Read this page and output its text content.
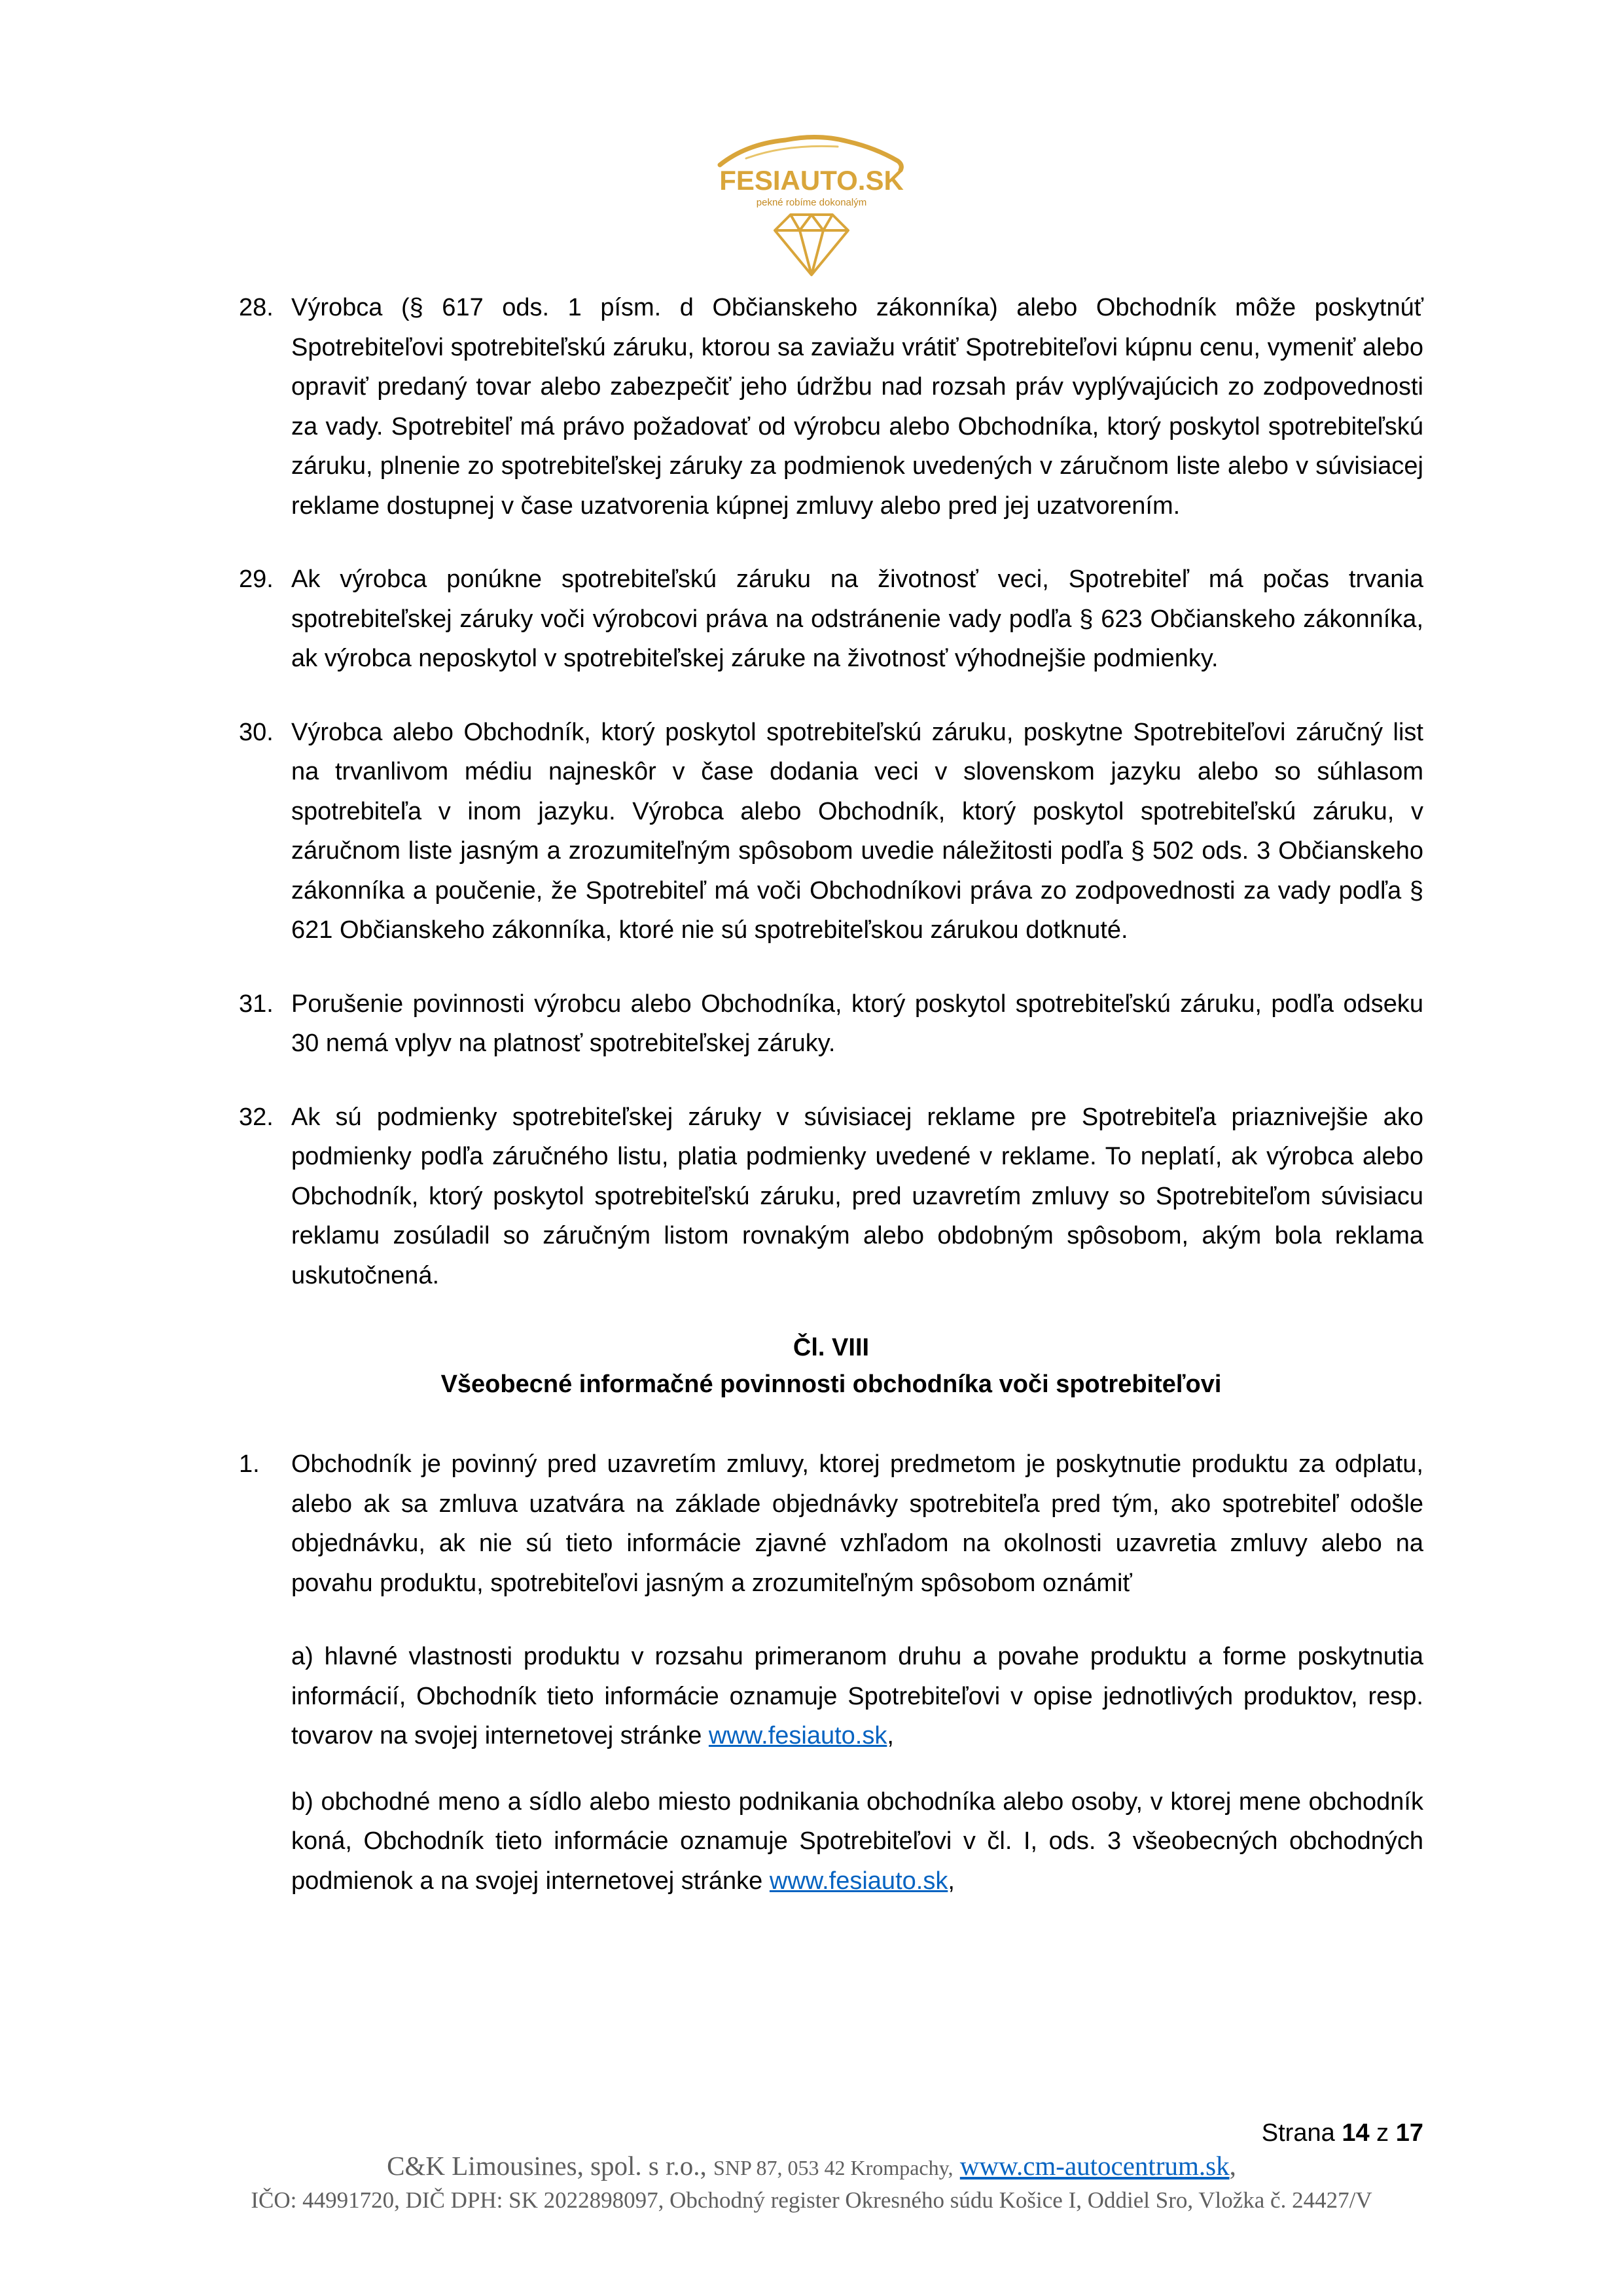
FESIAUTO.SK
pekné robíme dokonalým
28. Výrobca (§ 617 ods. 1 písm. d Občianskeho zákonníka) alebo Obchodník môže poskytnúť Spotrebiteľovi spotrebiteľskú záruku, ktorou sa zaviažu vrátiť Spotrebiteľovi kúpnu cenu, vymeniť alebo opraviť predaný tovar alebo zabezpečiť jeho údržbu nad rozsah práv vyplývajúcich zo zodpovednosti za vady. Spotrebiteľ má právo požadovať od výrobcu alebo Obchodníka, ktorý poskytol spotrebiteľskú záruku, plnenie zo spotrebiteľskej záruky za podmienok uvedených v záručnom liste alebo v súvisiacej reklame dostupnej v čase uzatvorenia kúpnej zmluvy alebo pred jej uzatvorením.

29. Ak výrobca ponúkne spotrebiteľskú záruku na životnosť veci, Spotrebiteľ má počas trvania spotrebiteľskej záruky voči výrobcovi práva na odstránenie vady podľa § 623 Občianskeho zákonníka, ak výrobca neposkytol v spotrebiteľskej záruke na životnosť výhodnejšie podmienky.

30. Výrobca alebo Obchodník, ktorý poskytol spotrebiteľskú záruku, poskytne Spotrebiteľovi záručný list na trvanlivom médiu najneskôr v čase dodania veci v slovenskom jazyku alebo so súhlasom spotrebiteľa v inom jazyku. Výrobca alebo Obchodník, ktorý poskytol spotrebiteľskú záruku, v záručnom liste jasným a zrozumiteľným spôsobom uvedie náležitosti podľa § 502 ods. 3 Občianskeho zákonníka a poučenie, že Spotrebiteľ má voči Obchodníkovi práva zo zodpovednosti za vady podľa § 621 Občianskeho zákonníka, ktoré nie sú spotrebiteľskou zárukou dotknuté.

31. Porušenie povinnosti výrobcu alebo Obchodníka, ktorý poskytol spotrebiteľskú záruku, podľa odseku 30 nemá vplyv na platnosť spotrebiteľskej záruky.

32. Ak sú podmienky spotrebiteľskej záruky v súvisiacej reklame pre Spotrebiteľa priaznivejšie ako podmienky podľa záručného listu, platia podmienky uvedené v reklame. To neplatí, ak výrobca alebo Obchodník, ktorý poskytol spotrebiteľskú záruku, pred uzavretím zmluvy so Spotrebiteľom súvisiacu reklamu zosúladil so záručným listom rovnakým alebo obdobným spôsobom, akým bola reklama uskutočnená.

Čl. VIII
Všeobecné informačné povinnosti obchodníka voči spotrebiteľovi
1. Obchodník je povinný pred uzavretím zmluvy, ktorej predmetom je poskytnutie produktu za odplatu, alebo ak sa zmluva uzatvára na základe objednávky spotrebiteľa pred tým, ako spotrebiteľ odošle objednávku, ak nie sú tieto informácie zjavné vzhľadom na okolnosti uzavretia zmluvy alebo na povahu produktu, spotrebiteľovi jasným a zrozumiteľným spôsobom oznámiť

a) hlavné vlastnosti produktu v rozsahu primeranom druhu a povahe produktu a forme poskytnutia informácií, Obchodník tieto informácie oznamuje Spotrebiteľovi v opise jednotlivých produktov, resp. tovarov na svojej internetovej stránke www.fesiauto.sk,

b) obchodné meno a sídlo alebo miesto podnikania obchodníka alebo osoby, v ktorej mene obchodník koná, Obchodník tieto informácie oznamuje Spotrebiteľovi v čl. I, ods. 3 všeobecných obchodných podmienok a na svojej internetovej stránke www.fesiauto.sk,

Strana 14 z 17
C&K Limousines, spol. s r.o., SNP 87, 053 42 Krompachy, www.cm-autocentrum.sk,
IČO: 44991720, DIČ DPH: SK 2022898097, Obchodný register Okresného súdu Košice I, Oddiel Sro, Vložka č. 24427/V
